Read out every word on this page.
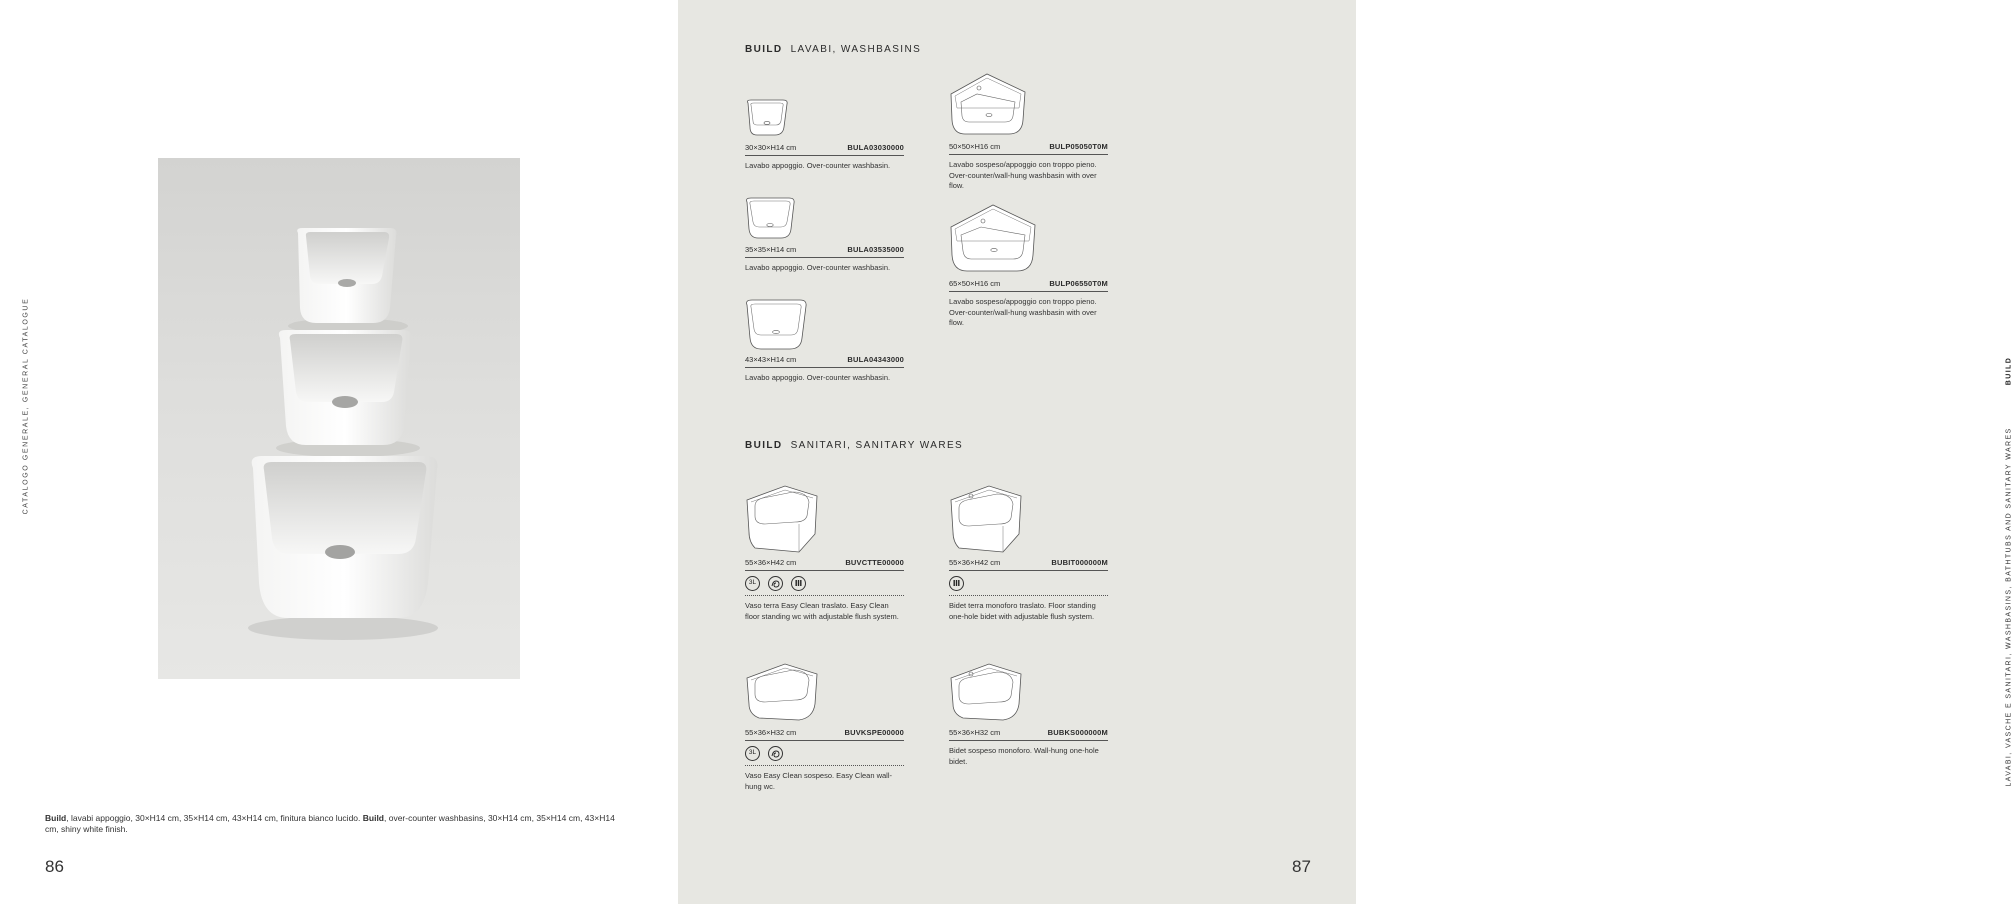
CATALOGO GENERALE, GENERAL CATALOGUE
Build, lavabi appoggio, 30×H14 cm, 35×H14 cm, 43×H14 cm, finitura bianco lucido. Build, over-counter washbasins, 30×H14 cm, 35×H14 cm, 43×H14 cm, shiny white finish.
86
LAVABI, VASCHE E SANITARI, WASHBASINS, BATHTUBS AND SANITARY WARES
BUILD
87
BUILD LAVABI, WASHBASINS
30×30×H14 cm	BULA03030000
Lavabo appoggio. Over-counter washbasin.
35×35×H14 cm	BULA03535000
Lavabo appoggio. Over-counter washbasin.
43×43×H14 cm	BULA04343000
Lavabo appoggio. Over-counter washbasin.
50×50×H16 cm	BULP05050T0M
Lavabo sospeso/appoggio con troppo pieno. Over-counter/wall-hung washbasin with over flow.
65×50×H16 cm	BULP06550T0M
Lavabo sospeso/appoggio con troppo pieno. Over-counter/wall-hung washbasin with over flow.
BUILD SANITARI, SANITARY WARES
55×36×H42 cm	BUVCTTE00000
3L
Vaso terra Easy Clean traslato. Easy Clean floor standing wc with adjustable flush system.
55×36×H42 cm	BUBIT000000M
Bidet terra monoforo traslato. Floor standing one-hole bidet with adjustable flush system.
55×36×H32 cm	BUVKSPE00000
3L
Vaso Easy Clean sospeso. Easy Clean wall-hung wc.
55×36×H32 cm	BUBKS000000M
Bidet sospeso monoforo. Wall-hung one-hole bidet.
